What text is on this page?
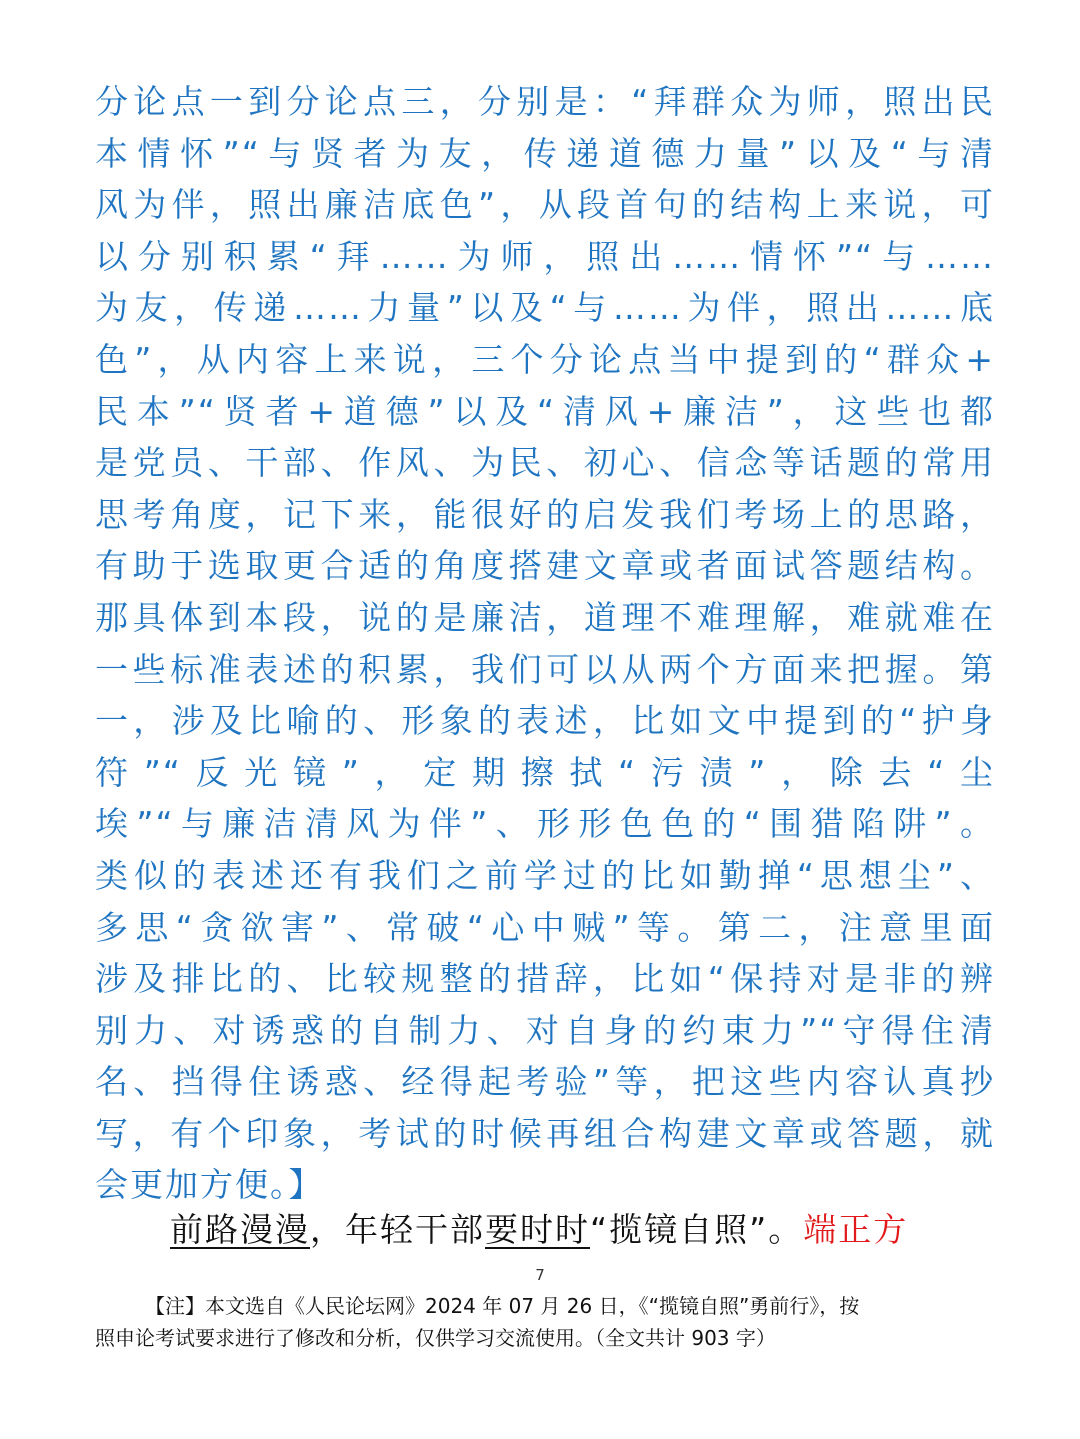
分论点一到分论点三，分别是：“拜群众为师，照出民
本情怀”“与贤者为友，传递道德力量”以及“与清
风为伴，照出廉洁底色”，从段首句的结构上来说，可
以分别积累“拜……为师，照出……情怀”“与……
为友，传递……力量”以及“与……为伴，照出……底
色”，从内容上来说，三个分论点当中提到的“群众+
民本”“贤者+道德”以及“清风+廉洁”，这些也都
是党员、干部、作风、为民、初心、信念等话题的常用
思考角度，记下来，能很好的启发我们考场上的思路，
有助于选取更合适的角度搭建文章或者面试答题结构。
那具体到本段，说的是廉洁，道理不难理解，难就难在
一些标准表述的积累，我们可以从两个方面来把握。第
一，涉及比喻的、形象的表述，比如文中提到的“护身
符”“反光镜”，定期擦拭“污渍”，除去“尘
埃”“与廉洁清风为伴”、形形色色的“围猎陷阱”。
类似的表述还有我们之前学过的比如勤掸“思想尘”、
多思“贪欲害”、常破“心中贼”等。第二，注意里面
涉及排比的、比较规整的措辞，比如“保持对是非的辨
别力、对诱惑的自制力、对自身的约束力”“守得住清
名、挡得住诱惑、经得起考验”等，把这些内容认真抄
写，有个印象，考试的时候再组合构建文章或答题，就
会更加方便。】
前路漫漫，年轻干部要时时“揽镜自照”。端正方
7
【注】本文选自《人民论坛网》2024 年 07 月 26 日，《“揽镜自照”勇前行》，按
照申论考试要求进行了修改和分析，仅供学习交流使用。（全文共计 903 字）
